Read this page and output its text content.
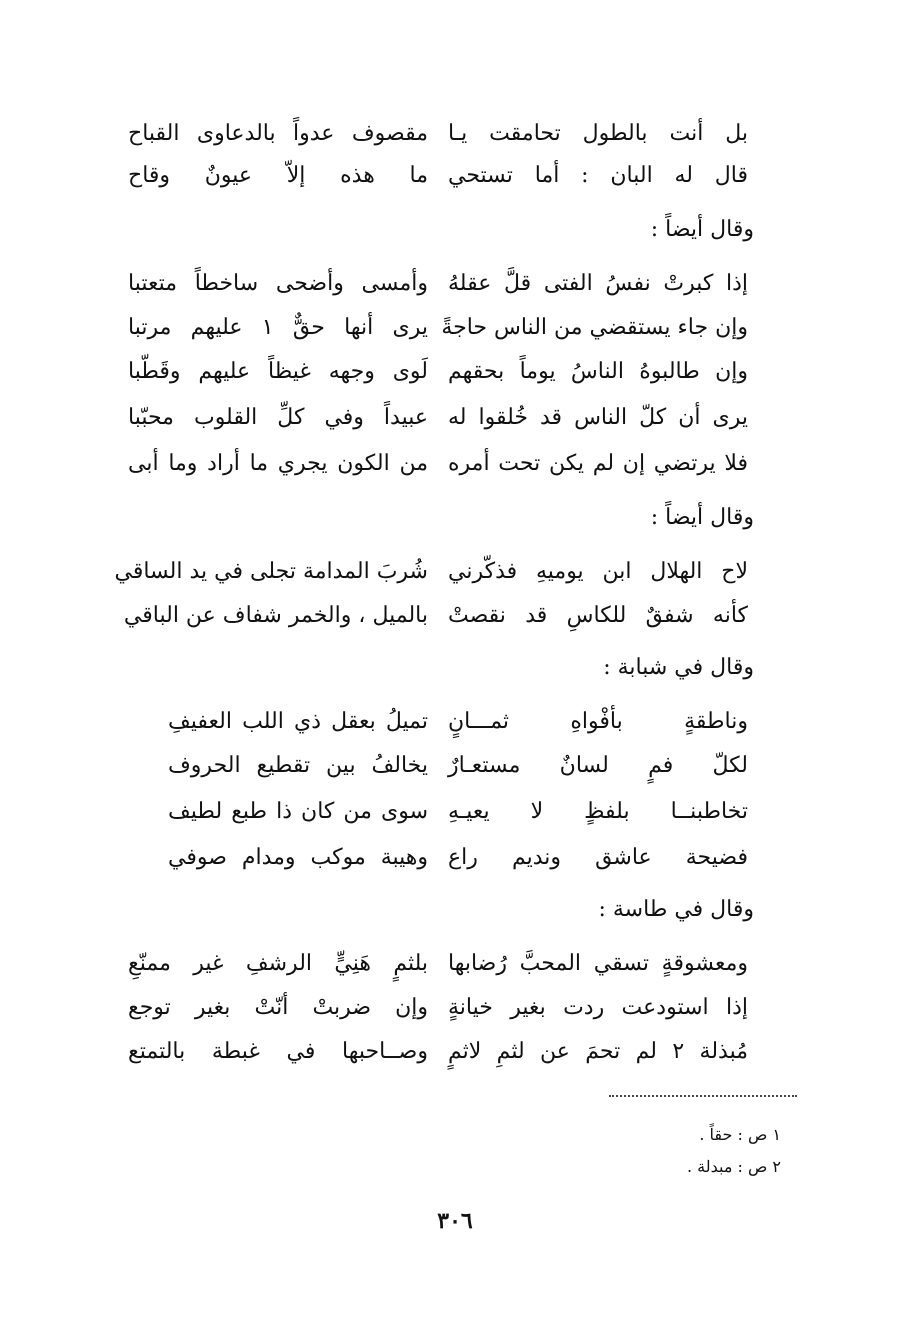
بل أنت بالطول تحامقت يـا
مقصوف عدواً بالدعاوى القباح
قال له البان : أما تستحي
ما هذه إلاّ عيونٌ وقاح
وقال أيضاً :
إذا كبرتْ نفسُ الفتى قلَّ عقلهُ
وأمسى وأضحى ساخطاً متعتبا
وإن جاء يستقضي من الناس حاجةً
يرى أنها حقٌّ ١ عليهم مرتبا
وإن طالبوهُ الناسُ يوماً بحقهم
لَوى وجهه غيظاً عليهم وقَطّبا
يرى أن كلّ الناس قد خُلقوا له
عبيداً وفي كلِّ القلوب محبّبا
فلا يرتضي إن لم يكن تحت أمره
من الكون يجري ما أراد وما أبى
وقال أيضاً :
لاح الهلال ابن يوميهِ فذكّرني
شُربَ المدامة تجلى في يد الساقي
كأنه شفقٌ للكاسِ قد نقصتْ
بالميل ، والخمر شفاف عن الباقي
وقال في شبابة :
وناطقةٍ بأفْواهِ ثمـــانٍ
تميلُ بعقل ذي اللب العفيفِ
لكلّ فمٍ لسانٌ مستعـارٌ
يخالفُ بين تقطيع الحروف
تخاطبنــا بلفظٍ لا يعيـهِ
سوى من كان ذا طبع لطيف
فضيحة عاشق ونديم راع
وهيبة موكب ومدام صوفي
وقال في طاسة :
ومعشوقةٍ تسقي المحبَّ رُضابها
بلثمٍ هَنِيٍّ الرشفِ غير ممنّعِ
إذا استودعت ردت بغير خيانةٍ
وإن ضربتْ أنّتْ بغير توجع
مُبذلة ٢ لم تحمَ عن لثمِ لاثمٍ
وصــاحبها في غبطة بالتمتع
١ ص : حقاً .
٢ ص : مبدلة .
٣٠٦
